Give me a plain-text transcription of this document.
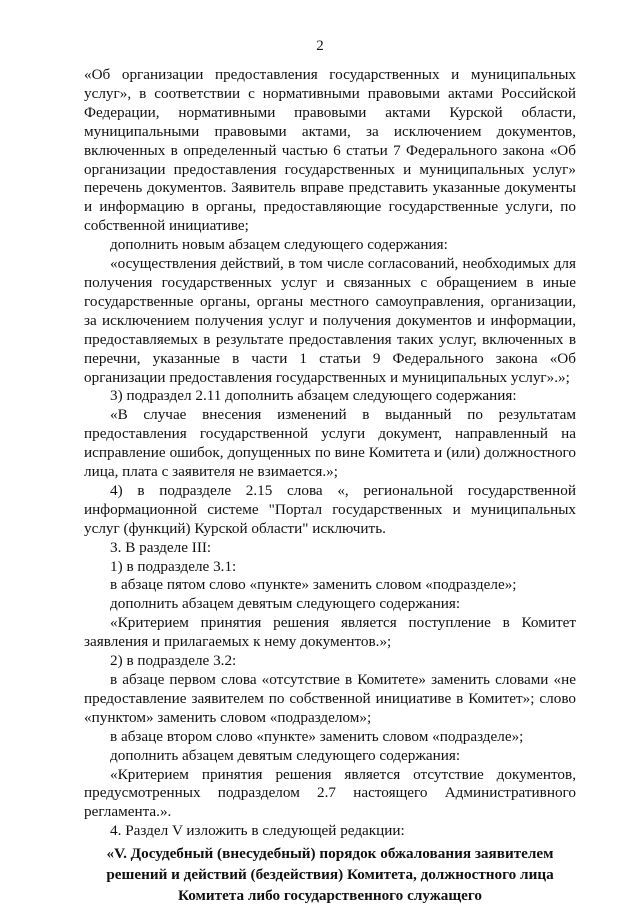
2

«Об организации предоставления государственных и муниципальных услуг», в соответствии с нормативными правовыми актами Российской Федерации, нормативными правовыми актами Курской области, муниципальными правовыми актами, за исключением документов, включенных в определенный частью 6 статьи 7 Федерального закона «Об организации предоставления государственных и муниципальных услуг» перечень документов. Заявитель вправе представить указанные документы и информацию в органы, предоставляющие государственные услуги, по собственной инициативе;

дополнить новым абзацем следующего содержания:

«осуществления действий, в том числе согласований, необходимых для получения государственных услуг и связанных с обращением в иные государственные органы, органы местного самоуправления, организации, за исключением получения услуг и получения документов и информации, предоставляемых в результате предоставления таких услуг, включенных в перечни, указанные в части 1 статьи 9 Федерального закона «Об организации предоставления государственных и муниципальных услуг».»;

3) подраздел 2.11 дополнить абзацем следующего содержания:

«В случае внесения изменений в выданный по результатам предоставления государственной услуги документ, направленный на исправление ошибок, допущенных по вине Комитета и (или) должностного лица, плата с заявителя не взимается.»;

4) в подразделе 2.15 слова «, региональной государственной информационной системе "Портал государственных и муниципальных услуг (функций) Курской области" исключить.

3. В разделе III:

1) в подразделе 3.1:

в абзаце пятом слово «пункте» заменить словом «подразделе»;

дополнить абзацем девятым следующего содержания:

«Критерием принятия решения является поступление в Комитет заявления и прилагаемых к нему документов.»;

2) в подразделе 3.2:

в абзаце первом слова «отсутствие в Комитете» заменить словами «не предоставление заявителем по собственной инициативе в Комитет»; слово «пунктом» заменить словом «подразделом»;

в абзаце втором слово «пункте» заменить словом «подразделе»;

дополнить абзацем девятым следующего содержания:

«Критерием принятия решения является отсутствие документов, предусмотренных подразделом 2.7 настоящего Административного регламента.».

4. Раздел V изложить в следующей редакции:

«V. Досудебный (внесудебный) порядок обжалования заявителем решений и действий (бездействия) Комитета, должностного лица Комитета либо государственного служащего
